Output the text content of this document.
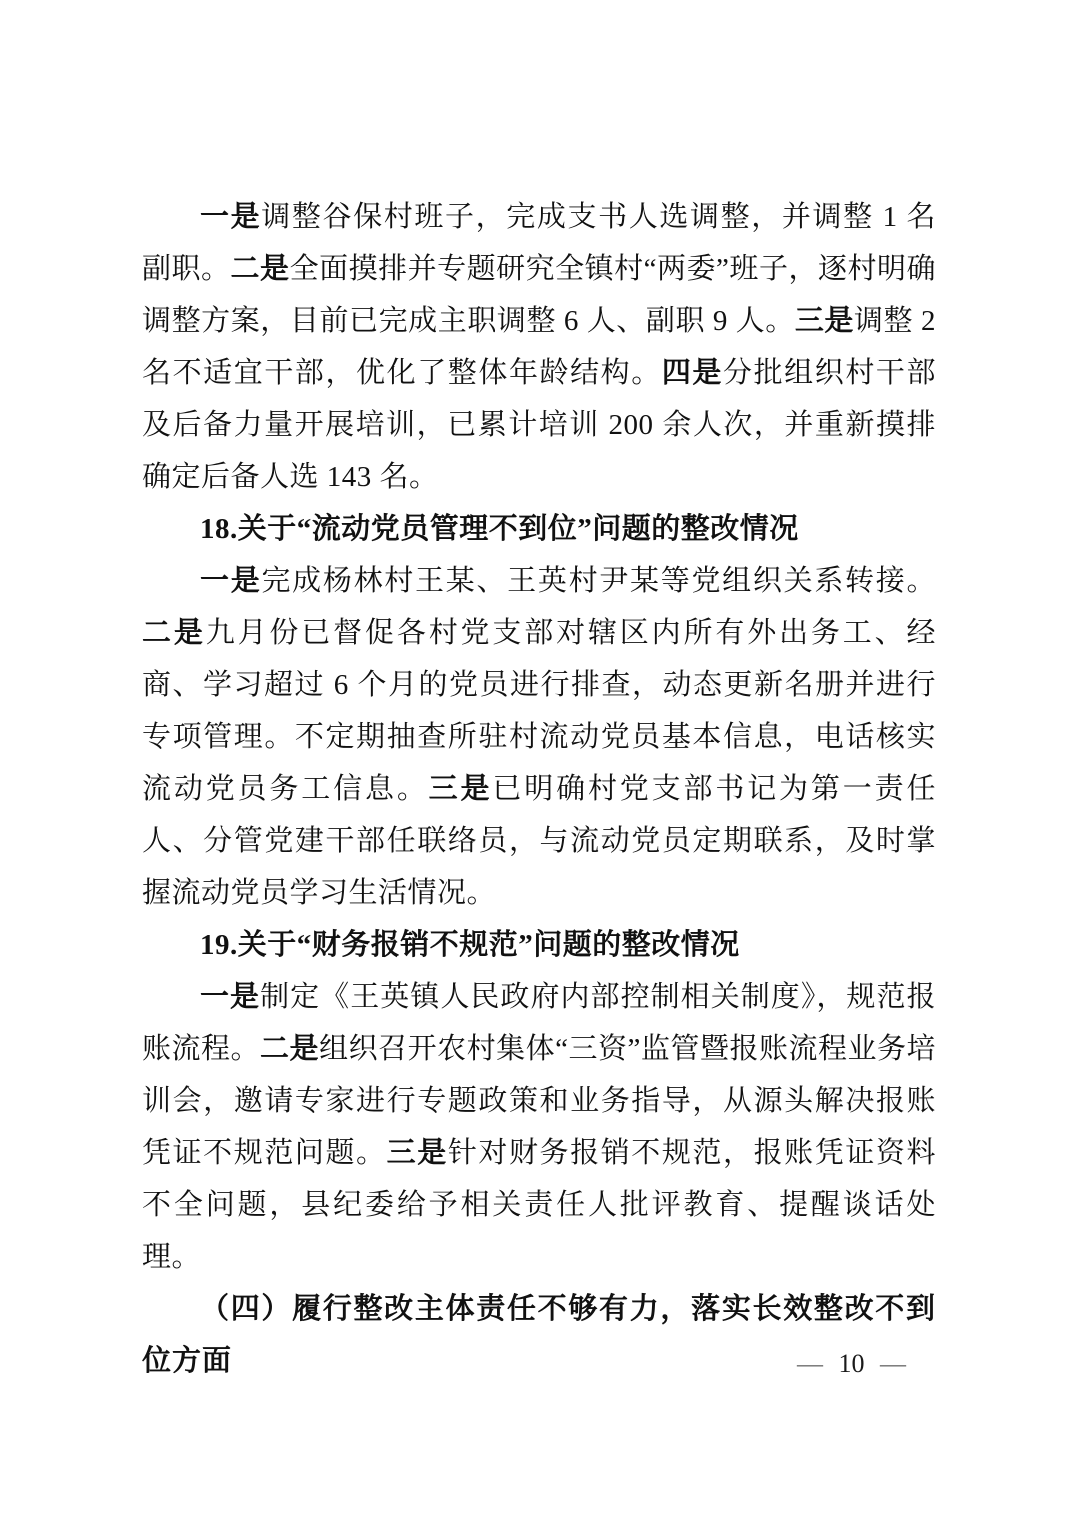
一是调整谷保村班子，完成支书人选调整，并调整 1 名副职。二是全面摸排并专题研究全镇村“两委”班子，逐村明确调整方案，目前已完成主职调整 6 人、副职 9 人。三是调整 2 名不适宜干部，优化了整体年龄结构。四是分批组织村干部及后备力量开展培训，已累计培训 200 余人次，并重新摸排确定后备人选 143 名。

18.关于“流动党员管理不到位”问题的整改情况

一是完成杨林村王某、王英村尹某等党组织关系转接。二是九月份已督促各村党支部对辖区内所有外出务工、经商、学习超过 6 个月的党员进行排查，动态更新名册并进行专项管理。不定期抽查所驻村流动党员基本信息，电话核实流动党员务工信息。三是已明确村党支部书记为第一责任人、分管党建干部任联络员，与流动党员定期联系，及时掌握流动党员学习生活情况。

19.关于“财务报销不规范”问题的整改情况

一是制定《王英镇人民政府内部控制相关制度》，规范报账流程。二是组织召开农村集体“三资”监管暨报账流程业务培训会，邀请专家进行专题政策和业务指导，从源头解决报账凭证不规范问题。三是针对财务报销不规范，报账凭证资料不全问题，县纪委给予相关责任人批评教育、提醒谈话处理。

（四）履行整改主体责任不够有力，落实长效整改不到位方面	— 10 —
